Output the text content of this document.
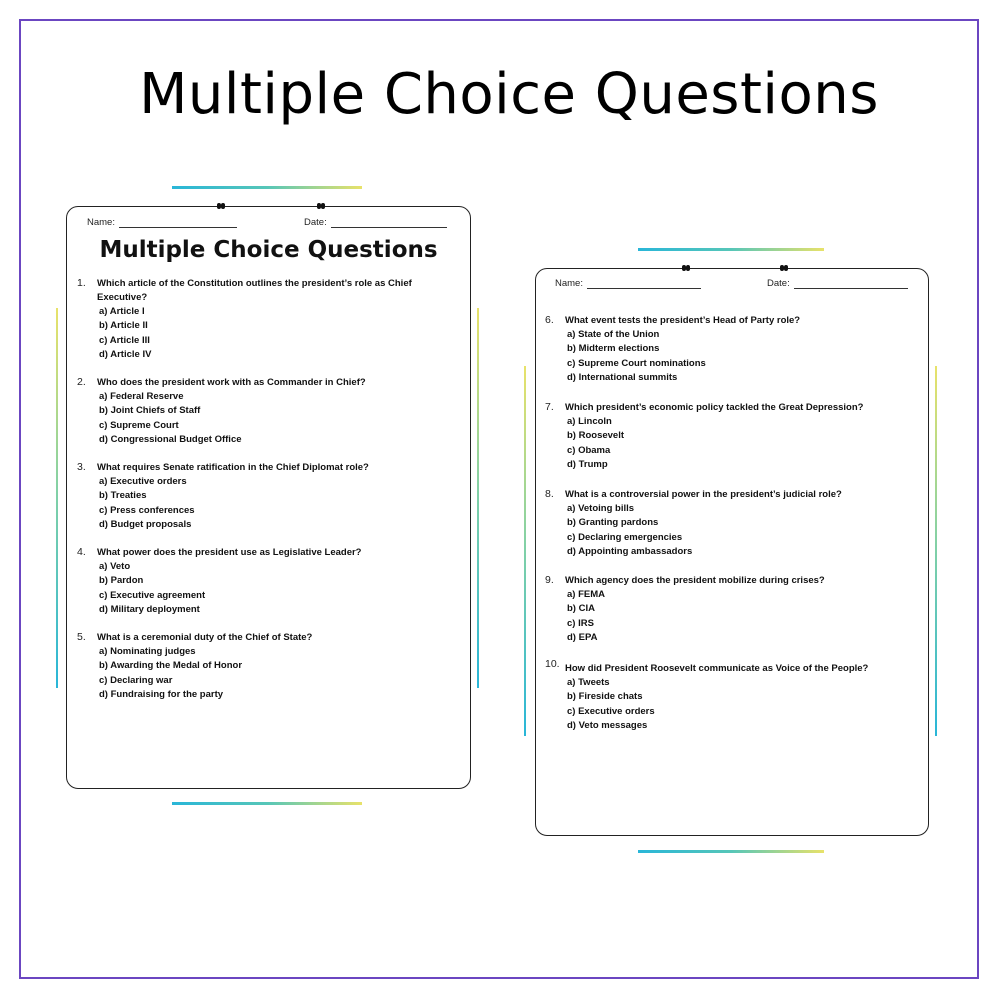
Multiple Choice Questions
Name:	Date:
Multiple Choice Questions
1. Which article of the Constitution outlines the president’s role as Chief
Executive?
a) Article I
b) Article II
c) Article III
d) Article IV
2. Who does the president work with as Commander in Chief?
a) Federal Reserve
b) Joint Chiefs of Staff
c) Supreme Court
d) Congressional Budget Office
3. What requires Senate ratification in the Chief Diplomat role?
a) Executive orders
b) Treaties
c) Press conferences
d) Budget proposals
4. What power does the president use as Legislative Leader?
a) Veto
b) Pardon
c) Executive agreement
d) Military deployment
5. What is a ceremonial duty of the Chief of State?
a) Nominating judges
b) Awarding the Medal of Honor
c) Declaring war
d) Fundraising for the party
Name:	Date:
6. What event tests the president’s Head of Party role?
a) State of the Union
b) Midterm elections
c) Supreme Court nominations
d) International summits
7. Which president’s economic policy tackled the Great Depression?
a) Lincoln
b) Roosevelt
c) Obama
d) Trump
8. What is a controversial power in the president’s judicial role?
a) Vetoing bills
b) Granting pardons
c) Declaring emergencies
d) Appointing ambassadors
9. Which agency does the president mobilize during crises?
a) FEMA
b) CIA
c) IRS
d) EPA
10. How did President Roosevelt communicate as Voice of the People?
a) Tweets
b) Fireside chats
c) Executive orders
d) Veto messages
